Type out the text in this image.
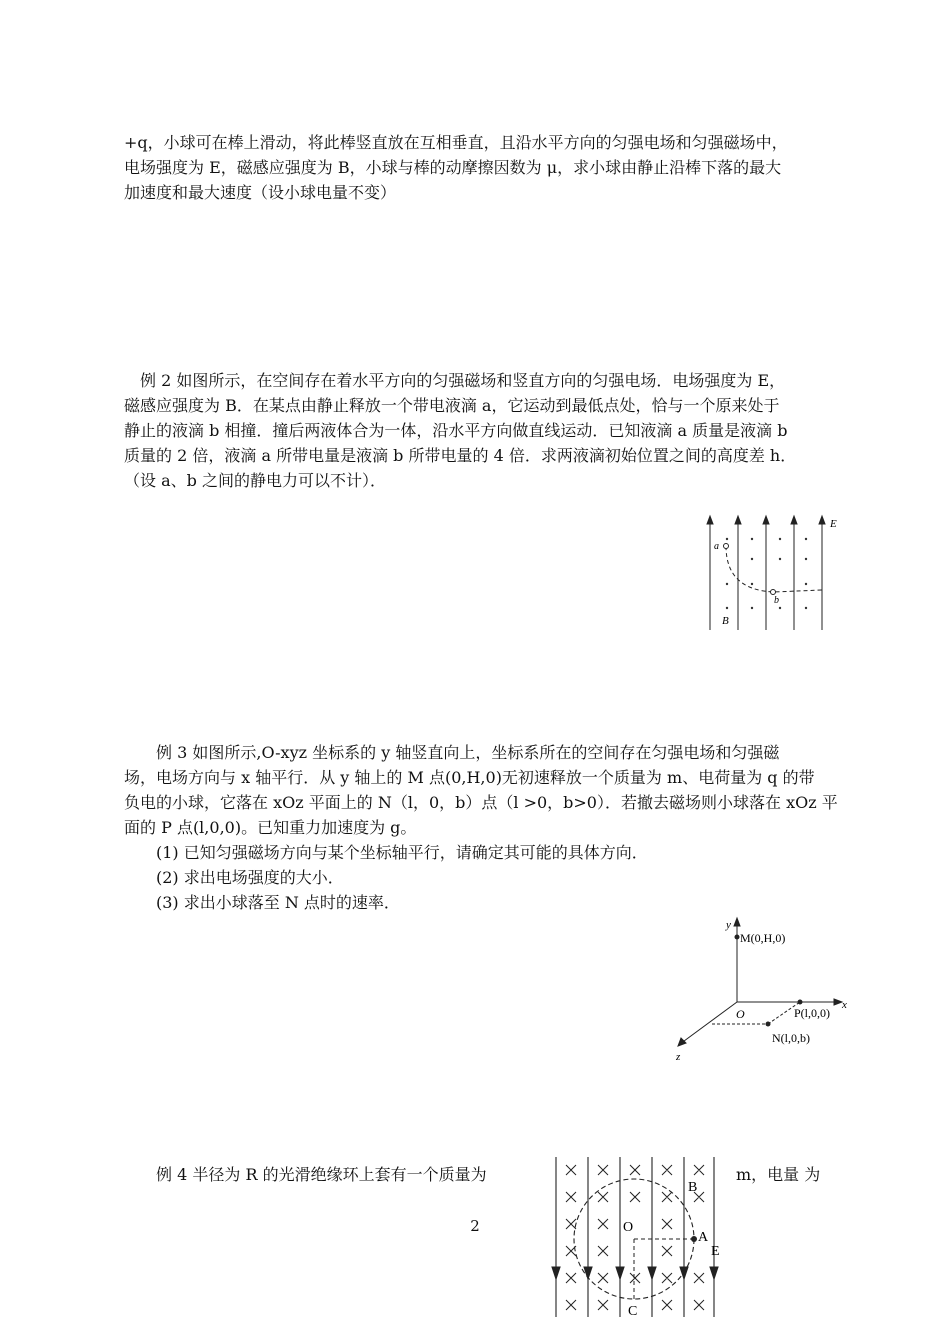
+q，小球可在棒上滑动，将此棒竖直放在互相垂直，且沿水平方向的匀强电场和匀强磁场中，
电场强度为 E，磁感应强度为 B，小球与棒的动摩擦因数为 μ，求小球由静止沿棒下落的最大
加速度和最大速度（设小球电量不变）
例 2 如图所示，在空间存在着水平方向的匀强磁场和竖直方向的匀强电场．电场强度为 E，
磁感应强度为 B．在某点由静止释放一个带电液滴 a，它运动到最低点处，恰与一个原来处于
静止的液滴 b 相撞．撞后两液体合为一体，沿水平方向做直线运动．已知液滴 a 质量是液滴 b
质量的 2 倍，液滴 a 所带电量是液滴 b 所带电量的 4 倍．求两液滴初始位置之间的高度差 h．
（设 a、b 之间的静电力可以不计）．
E
a
b
B
例 3 如图所示,O-xyz 坐标系的 y 轴竖直向上，坐标系所在的空间存在匀强电场和匀强磁
场，电场方向与 x 轴平行．从 y 轴上的 M 点(0,H,0)无初速释放一个质量为 m、电荷量为 q 的带
负电的小球，它落在 xOz 平面上的 N（l，0，b）点（l >0，b>0）．若撤去磁场则小球落在 xOz 平
面的 P 点(l,0,0)。已知重力加速度为 g。
(1) 已知匀强磁场方向与某个坐标轴平行，请确定其可能的具体方向．
(2) 求出电场强度的大小．
(3) 求出小球落至 N 点时的速率．
y
x
z
O
M(0,H,0)
P(l,0,0)
N(l,0,b)
例 4 半径为 R 的光滑绝缘环上套有一个质量为	m，电量 为
B
O
A
E
C
2
